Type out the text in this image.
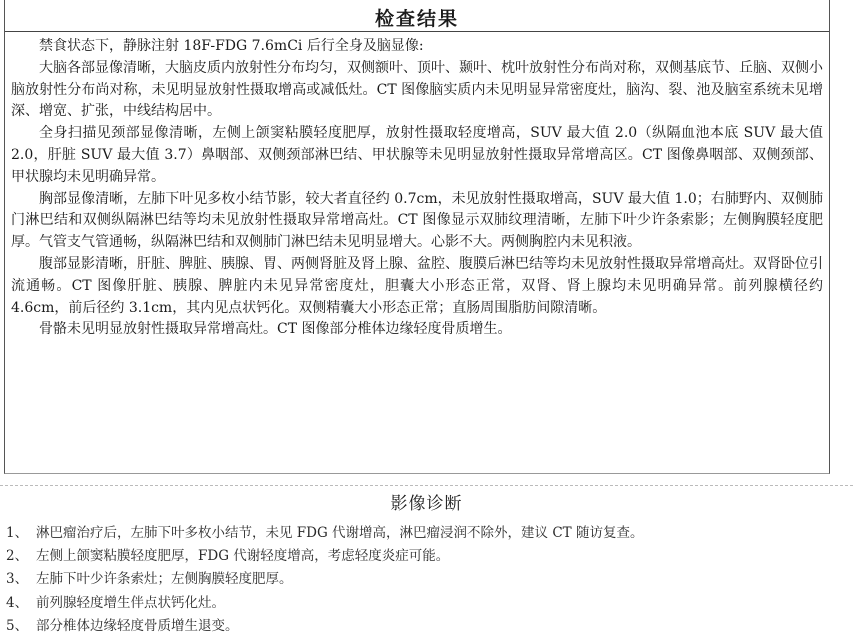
检查结果

禁食状态下，静脉注射 18F-FDG 7.6mCi 后行全身及脑显像:

大脑各部显像清晰，大脑皮质内放射性分布均匀，双侧额叶、顶叶、颞叶、枕叶放射性分布尚对称，双侧基底节、丘脑、双侧小脑放射性分布尚对称，未见明显放射性摄取增高或减低灶。CT 图像脑实质内未见明显异常密度灶，脑沟、裂、池及脑室系统未见增深、增宽、扩张，中线结构居中。

全身扫描见颈部显像清晰，左侧上颌窦粘膜轻度肥厚，放射性摄取轻度增高，SUV 最大值 2.0（纵隔血池本底 SUV 最大值 2.0，肝脏 SUV 最大值 3.7）鼻咽部、双侧颈部淋巴结、甲状腺等未见明显放射性摄取异常增高区。CT 图像鼻咽部、双侧颈部、甲状腺均未见明确异常。

胸部显像清晰，左肺下叶见多枚小结节影，较大者直径约 0.7cm，未见放射性摄取增高，SUV 最大值 1.0；右肺野内、双侧肺门淋巴结和双侧纵隔淋巴结等均未见放射性摄取异常增高灶。CT 图像显示双肺纹理清晰，左肺下叶少许条索影；左侧胸膜轻度肥厚。气管支气管通畅，纵隔淋巴结和双侧肺门淋巴结未见明显增大。心影不大。两侧胸腔内未见积液。

腹部显影清晰，肝脏、脾脏、胰腺、胃、两侧肾脏及肾上腺、盆腔、腹膜后淋巴结等均未见放射性摄取异常增高灶。双肾卧位引流通畅。CT 图像肝脏、胰腺、脾脏内未见异常密度灶，胆囊大小形态正常，双肾、肾上腺均未见明确异常。前列腺横径约 4.6cm，前后径约 3.1cm，其内见点状钙化。双侧精囊大小形态正常；直肠周围脂肪间隙清晰。

骨骼未见明显放射性摄取异常增高灶。CT 图像部分椎体边缘轻度骨质增生。

影像诊断
1、 淋巴瘤治疗后，左肺下叶多枚小结节，未见 FDG 代谢增高，淋巴瘤浸润不除外，建议 CT 随访复查。
2、 左侧上颌窦粘膜轻度肥厚，FDG 代谢轻度增高，考虑轻度炎症可能。
3、 左肺下叶少许条索灶；左侧胸膜轻度肥厚。
4、 前列腺轻度增生伴点状钙化灶。
5、 部分椎体边缘轻度骨质增生退变。
